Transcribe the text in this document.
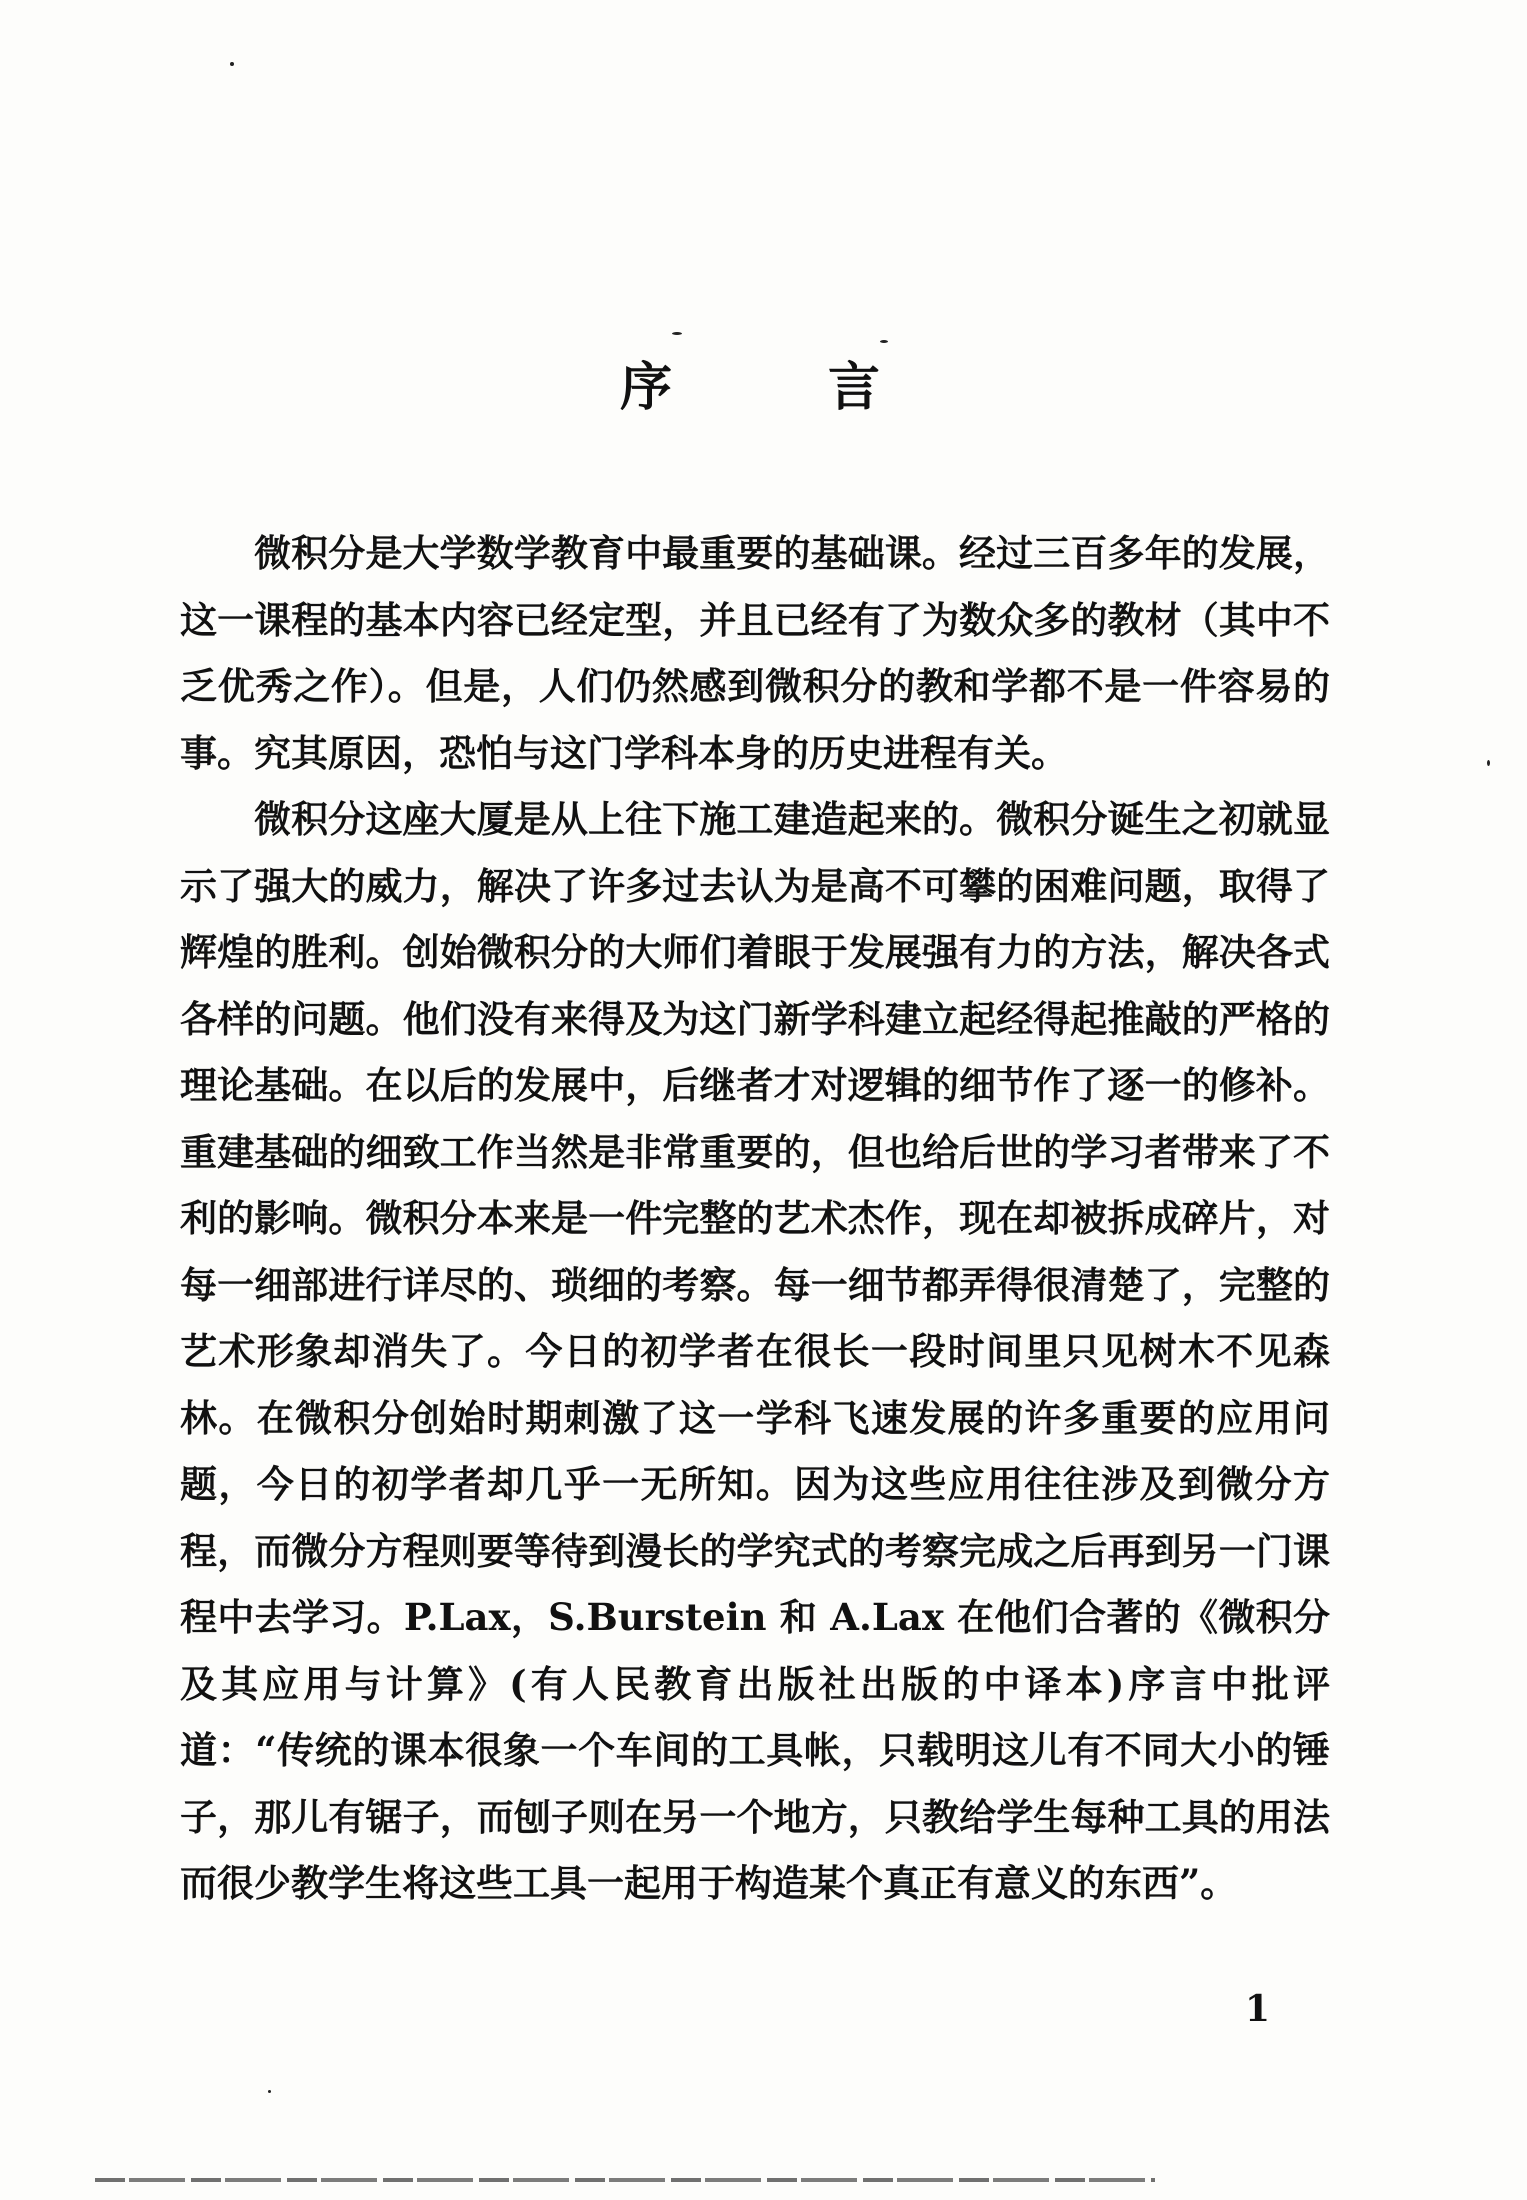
序	言

微积分是大学数学教育中最重要的基础课。经过三百多年的发展，这一课程的基本内容已经定型，并且已经有了为数众多的教材（其中不乏优秀之作）。但是，人们仍然感到微积分的教和学都不是一件容易的事。究其原因，恐怕与这门学科本身的历史进程有关。

微积分这座大厦是从上往下施工建造起来的。微积分诞生之初就显示了强大的威力，解决了许多过去认为是高不可攀的困难问题，取得了辉煌的胜利。创始微积分的大师们着眼于发展强有力的方法，解决各式各样的问题。他们没有来得及为这门新学科建立起经得起推敲的严格的理论基础。在以后的发展中，后继者才对逻辑的细节作了逐一的修补。重建基础的细致工作当然是非常重要的，但也给后世的学习者带来了不利的影响。微积分本来是一件完整的艺术杰作，现在却被拆成碎片，对每一细部进行详尽的、琐细的考察。每一细节都弄得很清楚了，完整的艺术形象却消失了。今日的初学者在很长一段时间里只见树木不见森林。在微积分创始时期刺激了这一学科飞速发展的许多重要的应用问题，今日的初学者却几乎一无所知。因为这些应用往往涉及到微分方程，而微分方程则要等待到漫长的学究式的考察完成之后再到另一门课程中去学习。P.Lax，S.Burstein 和 A.Lax 在他们合著的《微积分及其应用与计算》(有人民教育出版社出版的中译本)序言中批评道：“传统的课本很象一个车间的工具帐，只载明这儿有不同大小的锤子，那儿有锯子，而刨子则在另一个地方，只教给学生每种工具的用法而很少教学生将这些工具一起用于构造某个真正有意义的东西”。

1
